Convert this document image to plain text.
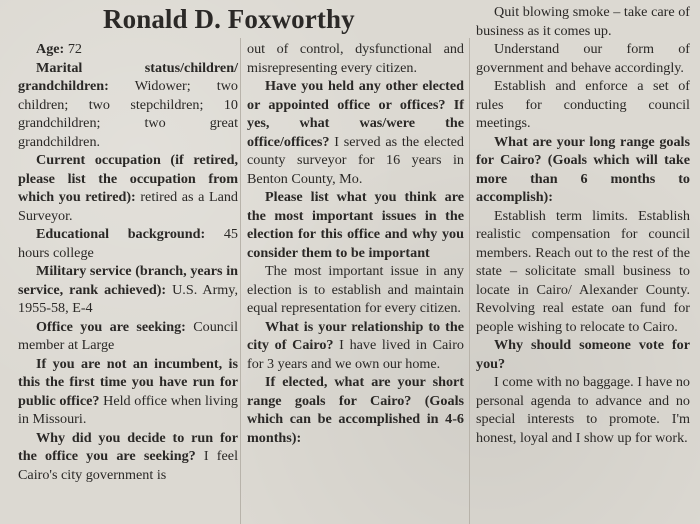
Ronald D. Foxworthy

Age: 72

Marital status/children/ grandchildren: Widower; two children; two stepchildren; 10 grandchildren; two great grandchildren.

Current occupation (if retired, please list the occupation from which you retired): retired as a Land Surveyor.

Educational background: 45 hours college

Military service (branch, years in service, rank achieved): U.S. Army, 1955-58, E-4

Office you are seeking: Council member at Large

If you are not an incumbent, is this the first time you have run for public office? Held office when living in Missouri.

Why did you decide to run for the office you are seeking? I feel Cairo's city government is

out of control, dysfunctional and misrepresenting every citizen.

Have you held any other elected or appointed office or offices? If yes, what was/were the office/offices? I served as the elected county surveyor for 16 years in Benton County, Mo.

Please list what you think are the most important issues in the election for this office and why you consider them to be important

The most important issue in any election is to establish and maintain equal representation for every citizen.

What is your relationship to the city of Cairo? I have lived in Cairo for 3 years and we own our home.

If elected, what are your short range goals for Cairo? (Goals which can be accomplished in 4-6 months):

Quit blowing smoke – take care of business as it comes up.

Understand our form of government and behave accordingly.

Establish and enforce a set of rules for conducting council meetings.

What are your long range goals for Cairo? (Goals which will take more than 6 months to accomplish):

Establish term limits. Establish realistic compensation for council members. Reach out to the rest of the state – solicitate small business to locate in Cairo/ Alexander County. Revolving real estate oan fund for people wishing to relocate to Cairo.

Why should someone vote for you?

I come with no baggage. I have no personal agenda to advance and no special interests to promote. I'm honest, loyal and I show up for work.
